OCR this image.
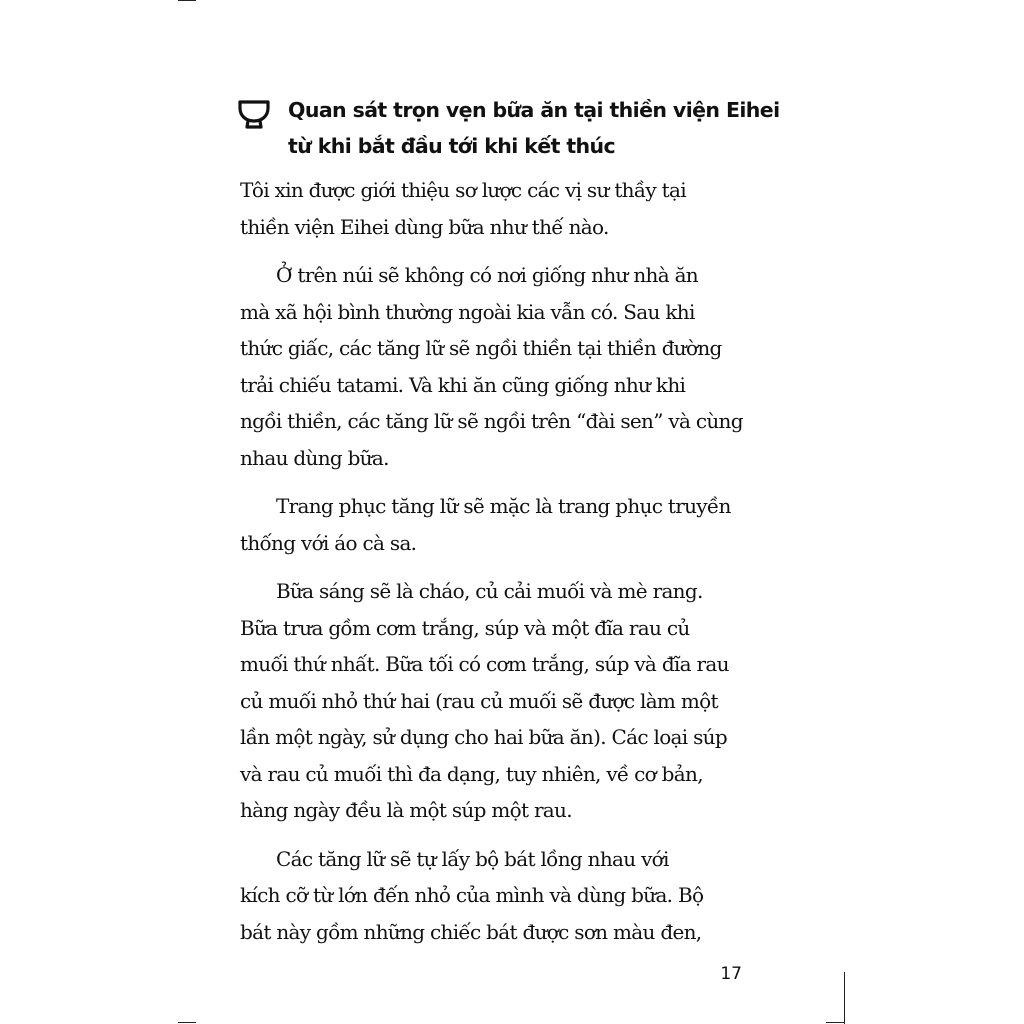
Quan sát trọn vẹn bữa ăn tại thiền viện Eihei
từ khi bắt đầu tới khi kết thúc

Tôi xin được giới thiệu sơ lược các vị sư thầy tại
thiền viện Eihei dùng bữa như thế nào.

Ở trên núi sẽ không có nơi giống như nhà ăn
mà xã hội bình thường ngoài kia vẫn có. Sau khi
thức giấc, các tăng lữ sẽ ngồi thiền tại thiền đường
trải chiếu tatami. Và khi ăn cũng giống như khi
ngồi thiền, các tăng lữ sẽ ngồi trên “đài sen” và cùng
nhau dùng bữa.

Trang phục tăng lữ sẽ mặc là trang phục truyền
thống với áo cà sa.

Bữa sáng sẽ là cháo, củ cải muối và mè rang.
Bữa trưa gồm cơm trắng, súp và một đĩa rau củ
muối thứ nhất. Bữa tối có cơm trắng, súp và đĩa rau
củ muối nhỏ thứ hai (rau củ muối sẽ được làm một
lần một ngày, sử dụng cho hai bữa ăn). Các loại súp
và rau củ muối thì đa dạng, tuy nhiên, về cơ bản,
hàng ngày đều là một súp một rau.

Các tăng lữ sẽ tự lấy bộ bát lồng nhau với
kích cỡ từ lớn đến nhỏ của mình và dùng bữa. Bộ
bát này gồm những chiếc bát được sơn màu đen,

17
